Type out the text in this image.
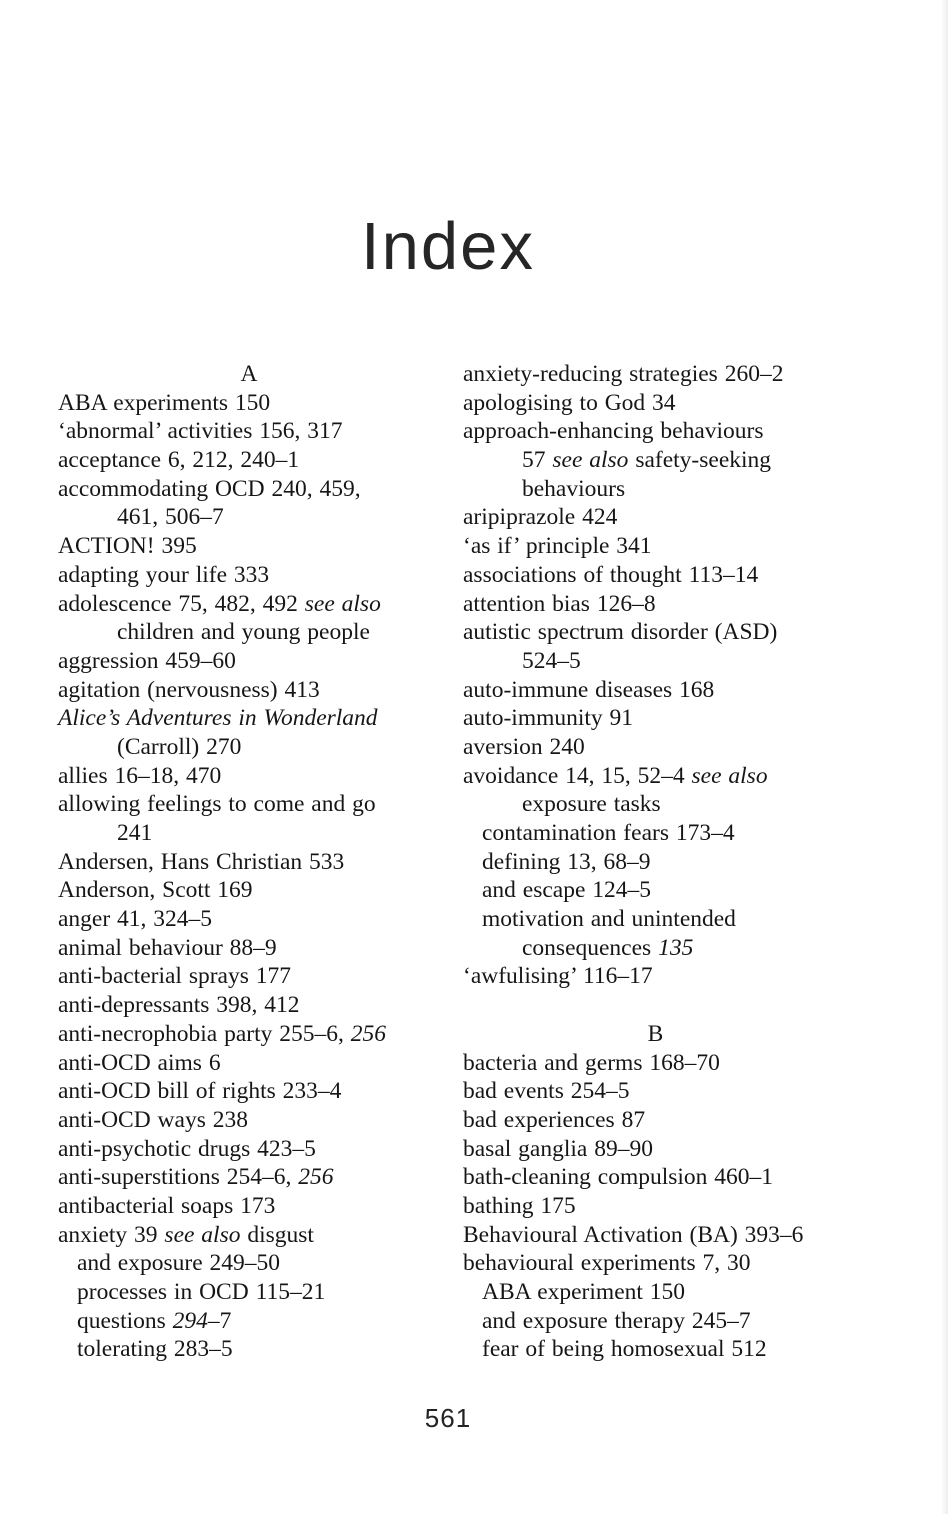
Index
A
ABA experiments 150
‘abnormal’ activities 156, 317
acceptance 6, 212, 240–1
accommodating OCD 240, 459,
461, 506–7
ACTION! 395
adapting your life 333
adolescence 75, 482, 492 see also
children and young people
aggression 459–60
agitation (nervousness) 413
Alice’s Adventures in Wonderland
(Carroll) 270
allies 16–18, 470
allowing feelings to come and go
241
Andersen, Hans Christian 533
Anderson, Scott 169
anger 41, 324–5
animal behaviour 88–9
anti-bacterial sprays 177
anti-depressants 398, 412
anti-necrophobia party 255–6, 256
anti-OCD aims 6
anti-OCD bill of rights 233–4
anti-OCD ways 238
anti-psychotic drugs 423–5
anti-superstitions 254–6, 256
antibacterial soaps 173
anxiety 39 see also disgust
and exposure 249–50
processes in OCD 115–21
questions 294–7
tolerating 283–5
anxiety-reducing strategies 260–2
apologising to God 34
approach-enhancing behaviours
57 see also safety-seeking
behaviours
aripiprazole 424
‘as if’ principle 341
associations of thought 113–14
attention bias 126–8
autistic spectrum disorder (ASD)
524–5
auto-immune diseases 168
auto-immunity 91
aversion 240
avoidance 14, 15, 52–4 see also
exposure tasks
contamination fears 173–4
defining 13, 68–9
and escape 124–5
motivation and unintended
consequences 135
‘awfulising’ 116–17
B
bacteria and germs 168–70
bad events 254–5
bad experiences 87
basal ganglia 89–90
bath-cleaning compulsion 460–1
bathing 175
Behavioural Activation (BA) 393–6
behavioural experiments 7, 30
ABA experiment 150
and exposure therapy 245–7
fear of being homosexual 512
561
